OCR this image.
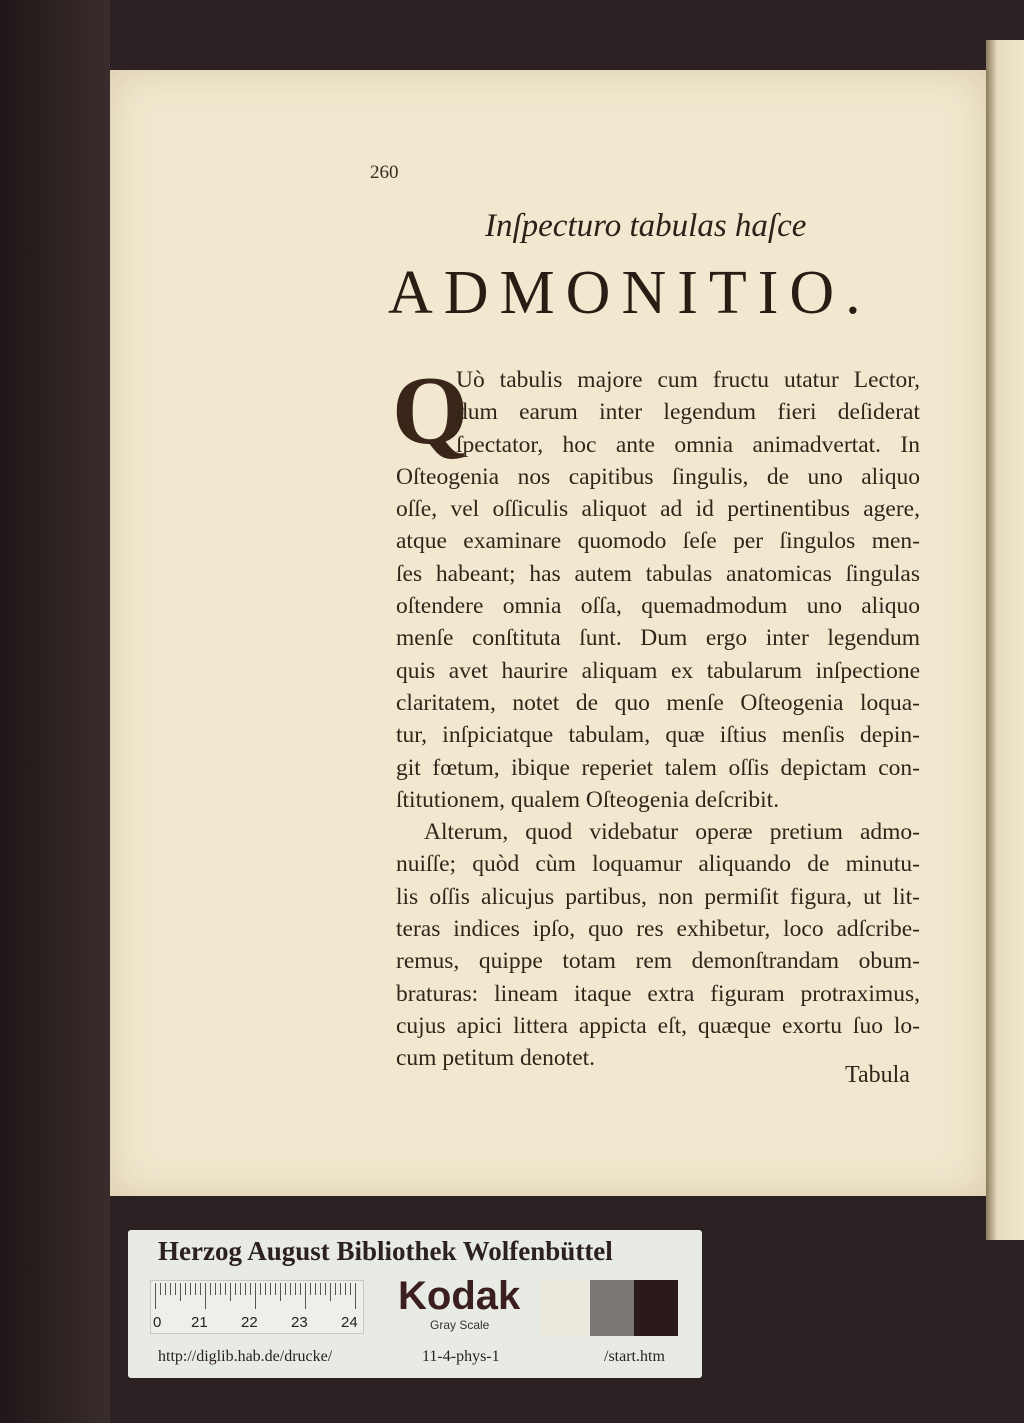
260
Inſpecturo tabulas haſce
ADMONITIO.
Q
Uò tabulis majore cum fructu utatur Lector,
dum earum inter legendum fieri deſiderat
ſpectator, hoc ante omnia animadvertat. In
Oſteogenia nos capitibus ſingulis, de uno aliquo
oſſe, vel oſſiculis aliquot ad id pertinentibus agere,
atque examinare quomodo ſeſe per ſingulos men-
ſes habeant; has autem tabulas anatomicas ſingulas
oſtendere omnia oſſa, quemadmodum uno aliquo
menſe conſtituta ſunt. Dum ergo inter legendum
quis avet haurire aliquam ex tabularum inſpectione
claritatem, notet de quo menſe Oſteogenia loqua-
tur, inſpiciatque tabulam, quæ iſtius menſis depin-
git fœtum, ibique reperiet talem oſſis depictam con-
ſtitutionem, qualem Oſteogenia deſcribit.
Alterum, quod videbatur operæ pretium admo-
nuiſſe; quòd cùm loquamur aliquando de minutu-
lis oſſis alicujus partibus, non permiſit figura, ut lit-
teras indices ipſo, quo res exhibetur, loco adſcribe-
remus, quippe totam rem demonſtrandam obum-
braturas: lineam itaque extra figuram protraximus,
cujus apici littera appicta eſt, quæque exortu ſuo lo-
cum petitum denotet.
Tabula
Herzog August Bibliothek Wolfenbüttel
0 21 22 23 24
Kodak
Gray Scale
http://diglib.hab.de/drucke/	11-4-phys-1	/start.htm
